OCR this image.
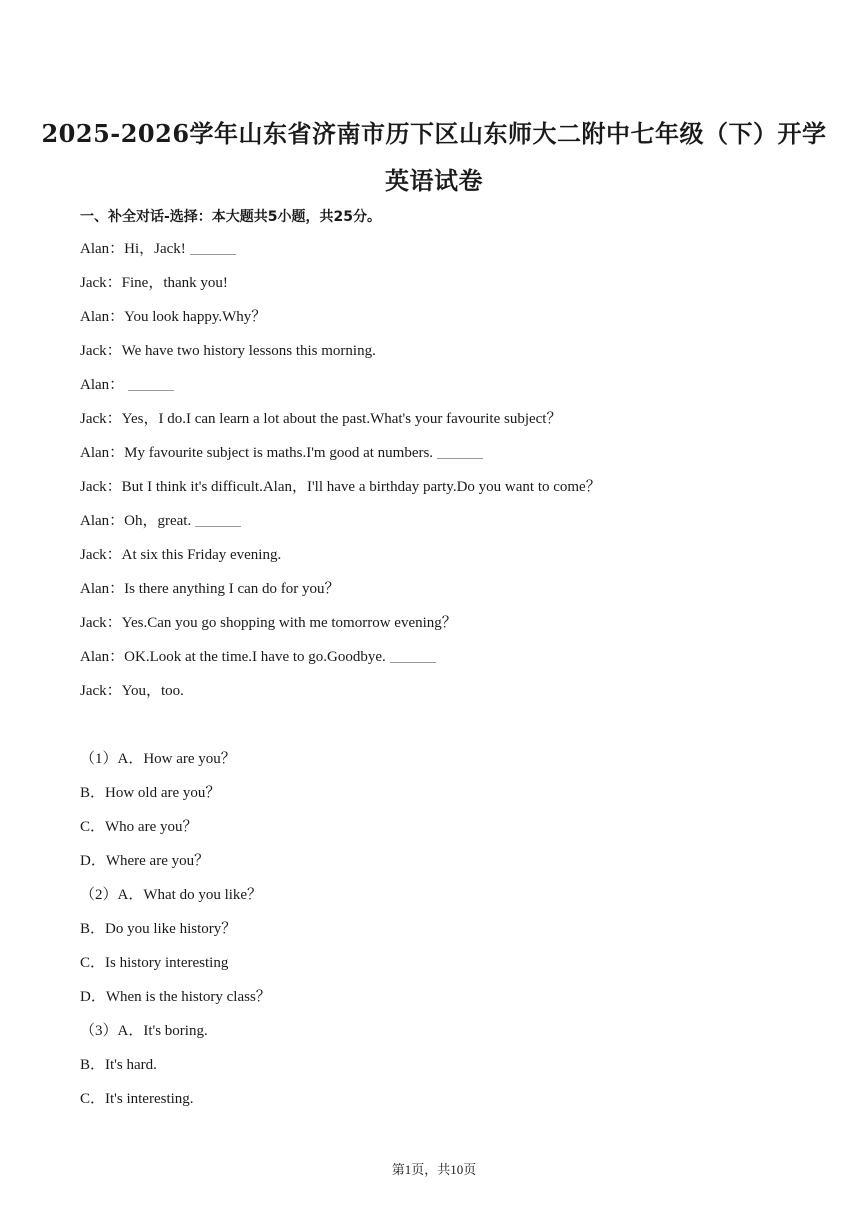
2025-2026学年山东省济南市历下区山东师大二附中七年级（下）开学
英语试卷
一、补全对话-选择：本大题共5小题，共25分。
Alan：Hi，Jack!
Jack：Fine，thank you!
Alan：You look happy.Why？
Jack：We have two history lessons this morning.
Alan：
Jack：Yes，I do.I can learn a lot about the past.What's your favourite subject？
Alan：My favourite subject is maths.I'm good at numbers.
Jack：But I think it's difficult.Alan，I'll have a birthday party.Do you want to come？
Alan：Oh，great.
Jack：At six this Friday evening.
Alan：Is there anything I can do for you？
Jack：Yes.Can you go shopping with me tomorrow evening？
Alan：OK.Look at the time.I have to go.Goodbye.
Jack：You，too.
（1）A．How are you？
B．How old are you？
C．Who are you？
D．Where are you？
（2）A．What do you like？
B．Do you like history？
C．Is history interesting
D．When is the history class？
（3）A．It's boring.
B．It's hard.
C．It's interesting.
第1页，共10页
